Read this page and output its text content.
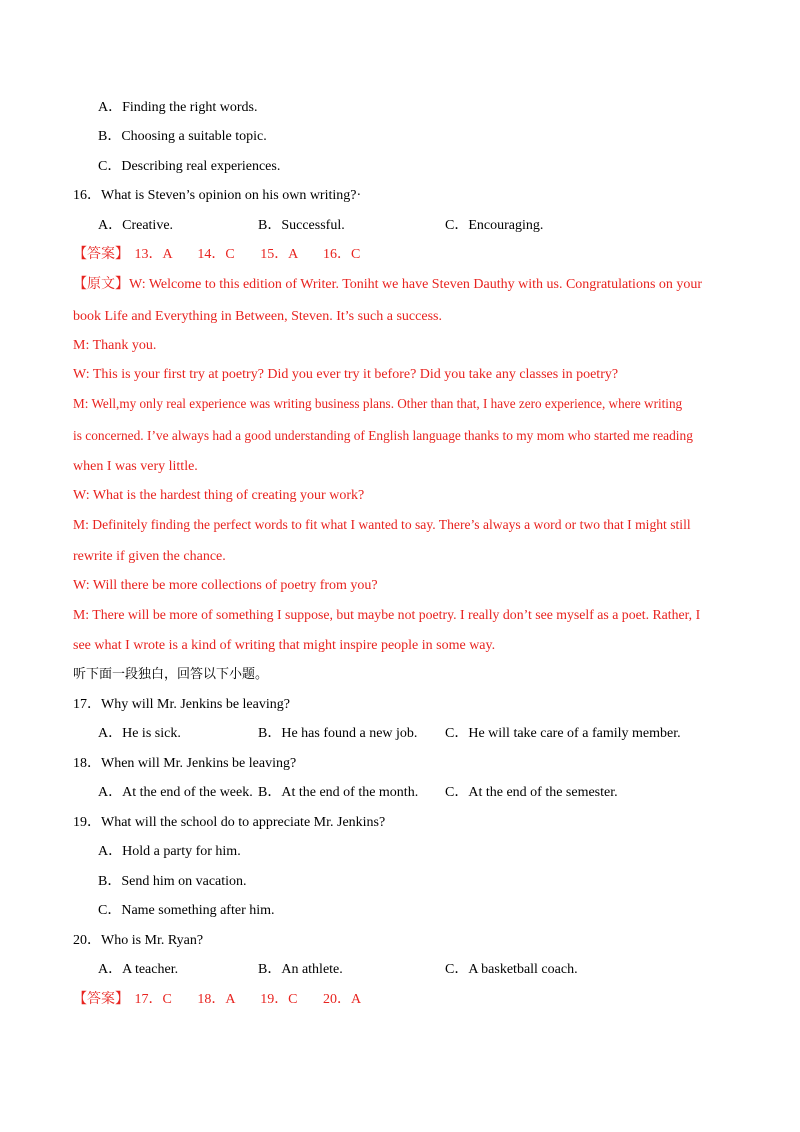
A．Finding the right words.
B．Choosing a suitable topic.
C．Describing real experiences.
16．What is Steven’s opinion on his own writing?·
A．Creative.	B．Successful.	C．Encouraging.
【答案】 13．A 14．C 15．A 16．C
【原文】W: Welcome to this edition of Writer. Toniht we have Steven Dauthy with us. Congratulations on your
book Life and Everything in Between, Steven. It’s such a success.
M: Thank you.
W: This is your first try at poetry? Did you ever try it before? Did you take any classes in poetry?
M: Well,my only real experience was writing business plans. Other than that, I have zero experience, where writing
is concerned. I’ve always had a good understanding of English language thanks to my mom who started me reading
when I was very little.
W: What is the hardest thing of creating your work?
M: Definitely finding the perfect words to fit what I wanted to say. There’s always a word or two that I might still
rewrite if given the chance.
W: Will there be more collections of poetry from you?
M: There will be more of something I suppose, but maybe not poetry. I really don’t see myself as a poet. Rather, I
see what I wrote is a kind of writing that might inspire people in some way.
听下面一段独白，回答以下小题。
17．Why will Mr. Jenkins be leaving?
A．He is sick.	B．He has found a new job. C．He will take care of a family member.
18．When will Mr. Jenkins be leaving?
A．At the end of the week. B．At the end of the month. C．At the end of the semester.
19．What will the school do to appreciate Mr. Jenkins?
A．Hold a party for him.
B．Send him on vacation.
C．Name something after him.
20．Who is Mr. Ryan?
A．A teacher.	B．An athlete.	C．A basketball coach.
【答案】 17．C 18．A 19．C 20．A
